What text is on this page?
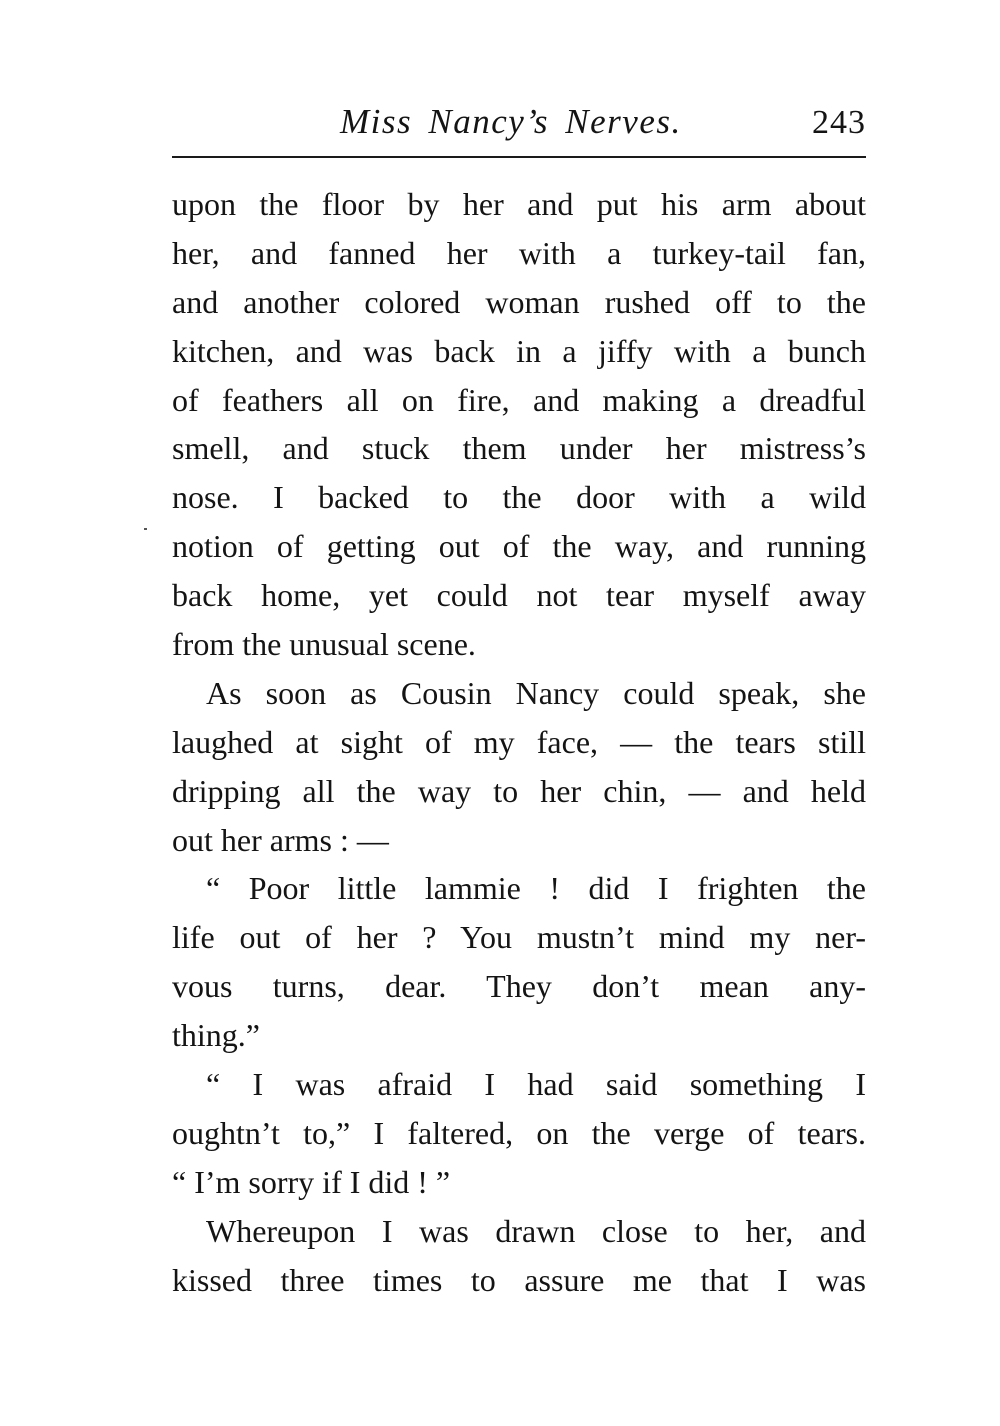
Miss Nancy’s Nerves.	243
upon the floor by her and put his arm about
her, and fanned her with a turkey-tail fan,
and another colored woman rushed off to the
kitchen, and was back in a jiffy with a bunch
of feathers all on fire, and making a dreadful
smell, and stuck them under her mistress’s
nose. I backed to the door with a wild
notion of getting out of the way, and running
back home, yet could not tear myself away
from the unusual scene.
As soon as Cousin Nancy could speak, she
laughed at sight of my face, — the tears still
dripping all the way to her chin, — and held
out her arms : —
“ Poor little lammie ! did I frighten the
life out of her ? You mustn’t mind my ner-
vous turns, dear. They don’t mean any-
thing.”
“ I was afraid I had said something I
oughtn’t to,” I faltered, on the verge of tears.
“ I’m sorry if I did ! ”
Whereupon I was drawn close to her, and
kissed three times to assure me that I was
